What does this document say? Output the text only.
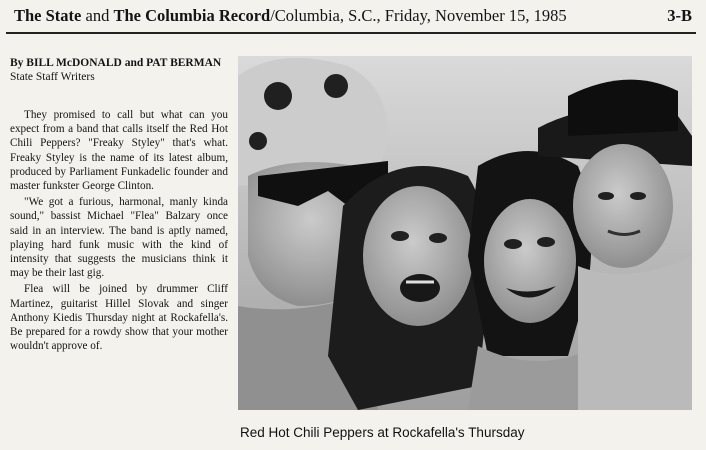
The State and The Columbia Record/Columbia, S.C., Friday, November 15, 1985	3-B
By BILL McDONALD and PAT BERMAN
State Staff Writers

They promised to call but what can you expect from a band that calls itself the Red Hot Chili Peppers? "Freaky Styley" that's what. Freaky Styley is the name of its latest album, produced by Parliament Funkadelic founder and master funkster George Clinton.

"We got a furious, harmonal, manly kinda sound," bassist Michael "Flea" Balzary once said in an interview. The band is aptly named, playing hard funk music with the kind of intensity that suggests the musicians think it may be their last gig.

Flea will be joined by drummer Cliff Martinez, guitarist Hillel Slovak and singer Anthony Kiedis Thursday night at Rockafella's. Be prepared for a rowdy show that your mother wouldn't approve of.

Red Hot Chili Peppers at Rockafella's Thursday
